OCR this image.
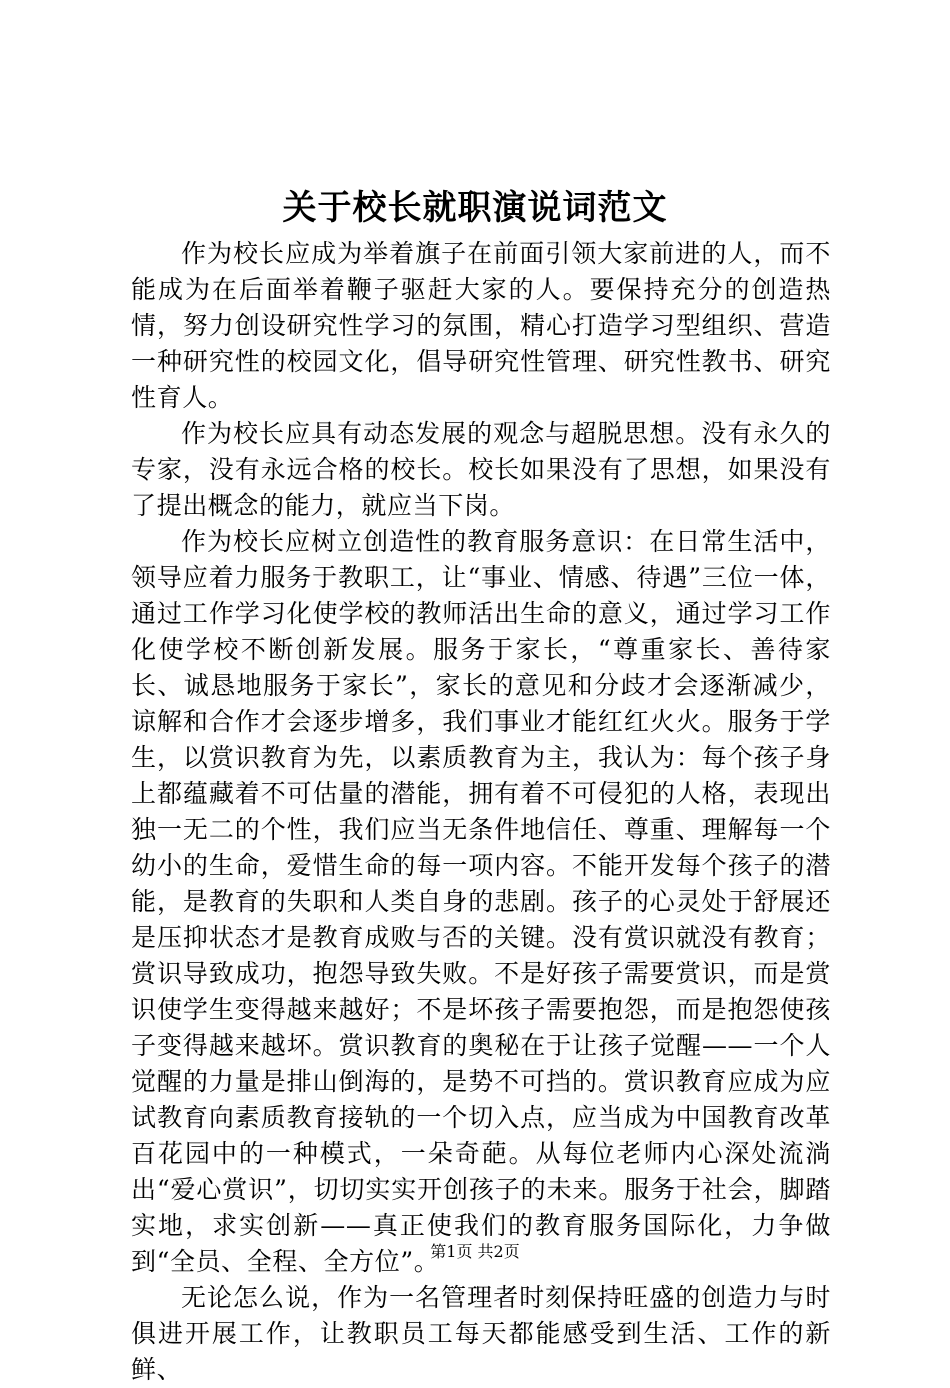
关于校长就职演说词范文

作为校长应成为举着旗子在前面引领大家前进的人，而不能成为在后面举着鞭子驱赶大家的人。要保持充分的创造热情，努力创设研究性学习的氛围，精心打造学习型组织、营造一种研究性的校园文化，倡导研究性管理、研究性教书、研究性育人。

作为校长应具有动态发展的观念与超脱思想。没有永久的专家，没有永远合格的校长。校长如果没有了思想，如果没有了提出概念的能力，就应当下岗。

作为校长应树立创造性的教育服务意识：在日常生活中，领导应着力服务于教职工，让“事业、情感、待遇”三位一体，通过工作学习化使学校的教师活出生命的意义，通过学习工作化使学校不断创新发展。服务于家长，“尊重家长、善待家长、诚恳地服务于家长”，家长的意见和分歧才会逐渐减少，谅解和合作才会逐步增多，我们事业才能红红火火。服务于学生，以赏识教育为先，以素质教育为主，我认为：每个孩子身上都蕴藏着不可估量的潜能，拥有着不可侵犯的人格，表现出独一无二的个性，我们应当无条件地信任、尊重、理解每一个幼小的生命，爱惜生命的每一项内容。不能开发每个孩子的潜能，是教育的失职和人类自身的悲剧。孩子的心灵处于舒展还是压抑状态才是教育成败与否的关键。没有赏识就没有教育；赏识导致成功，抱怨导致失败。不是好孩子需要赏识，而是赏识使学生变得越来越好；不是坏孩子需要抱怨，而是抱怨使孩子变得越来越坏。赏识教育的奥秘在于让孩子觉醒——一个人觉醒的力量是排山倒海的，是势不可挡的。赏识教育应成为应试教育向素质教育接轨的一个切入点，应当成为中国教育改革百花园中的一种模式，一朵奇葩。从每位老师内心深处流淌出“爱心赏识”，切切实实开创孩子的未来。服务于社会，脚踏实地，求实创新——真正使我们的教育服务国际化，力争做到“全员、全程、全方位”。

无论怎么说，作为一名管理者时刻保持旺盛的创造力与时俱进开展工作，让教职员工每天都能感受到生活、工作的新鲜、

第1页 共2页
